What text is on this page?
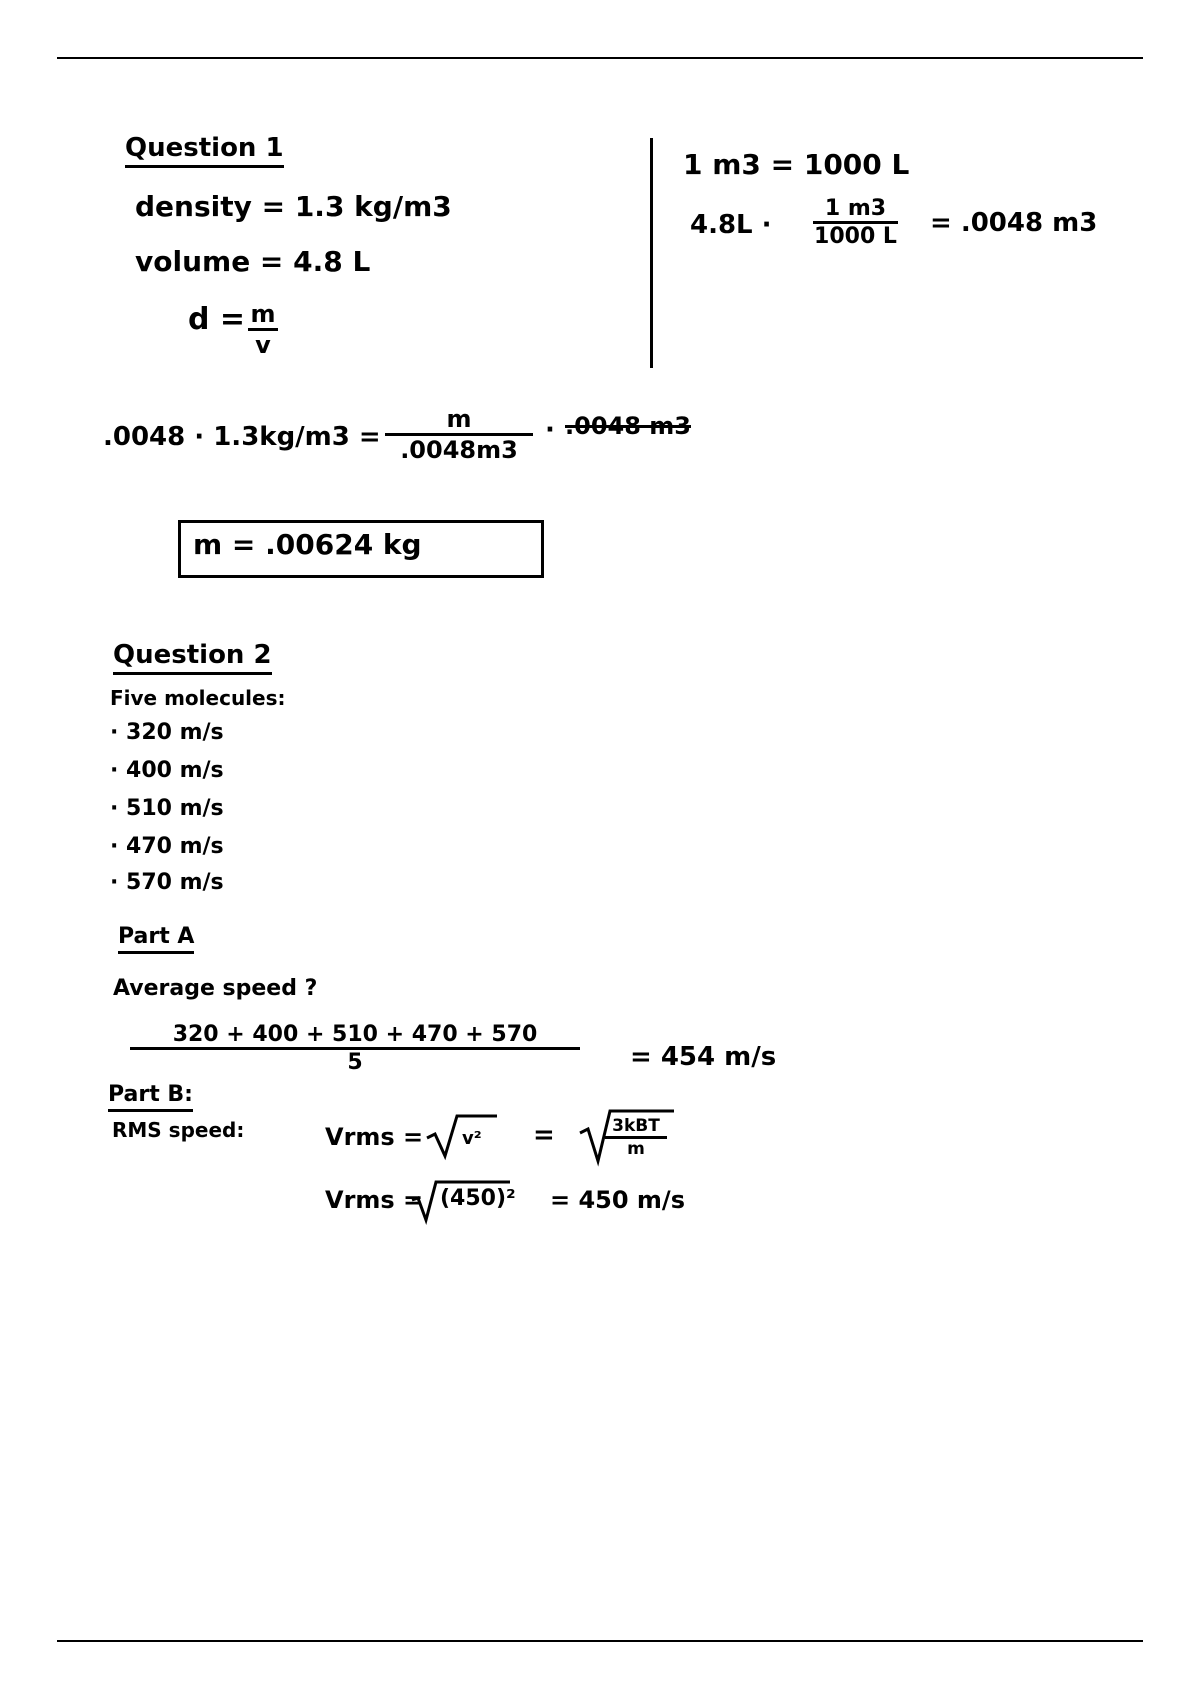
Question 1
density = 1.3 kg/m3
volume = 4.8 L
d = m
v
1 m3 = 1000 L
4.8L ·
1 m3
1000 L = .0048 m3
.0048 · 1.3kg/m3 =
m
.0048m3
· .0048 m3
m = .00624 kg
Question 2
Five molecules:
· 320 m/s
· 400 m/s
· 510 m/s
· 470 m/s
· 570 m/s
Part A
Average speed ?
320 + 400 + 510 + 470 + 570
5	= 454 m/s
Part B:
RMS speed:	Vrms = v² =	3kBT
m
Vrms = (450)² = 450 m/s
